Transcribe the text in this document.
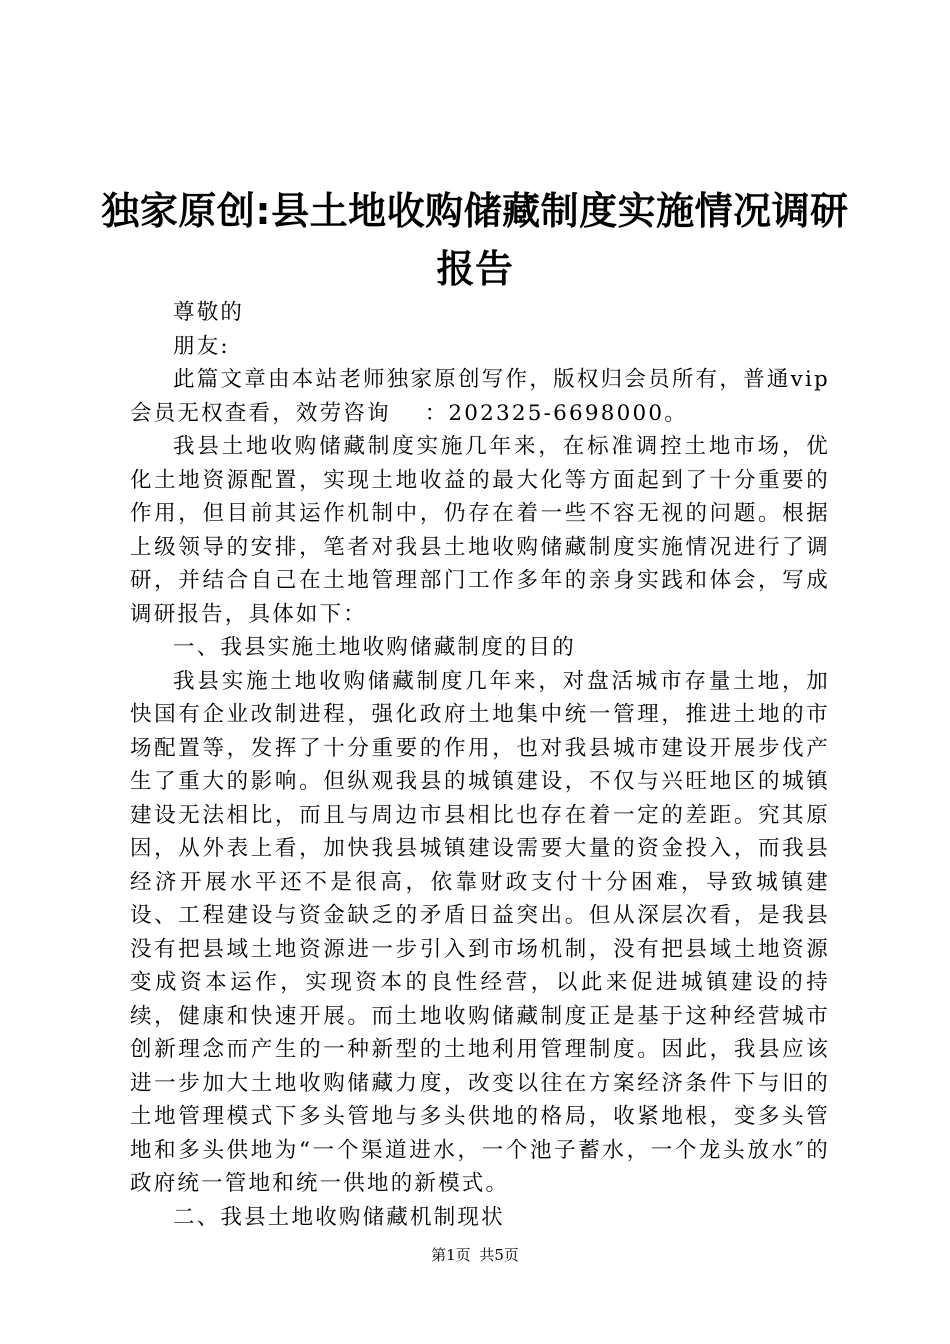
独家原创:县土地收购储藏制度实施情况调研
报告

尊敬的

朋友:

此篇文章由本站老师独家原创写作，版权归会员所有，普通vip会员无权查看，效劳咨询 ：202325-6698000。

我县土地收购储藏制度实施几年来，在标准调控土地市场，优化土地资源配置，实现土地收益的最大化等方面起到了十分重要的作用，但目前其运作机制中，仍存在着一些不容无视的问题。根据上级领导的安排，笔者对我县土地收购储藏制度实施情况进行了调研，并结合自己在土地管理部门工作多年的亲身实践和体会，写成调研报告，具体如下：

一、我县实施土地收购储藏制度的目的

我县实施土地收购储藏制度几年来，对盘活城市存量土地，加快国有企业改制进程，强化政府土地集中统一管理，推进土地的市场配置等，发挥了十分重要的作用，也对我县城市建设开展步伐产生了重大的影响。但纵观我县的城镇建设，不仅与兴旺地区的城镇建设无法相比，而且与周边市县相比也存在着一定的差距。究其原因，从外表上看，加快我县城镇建设需要大量的资金投入，而我县经济开展水平还不是很高，依靠财政支付十分困难，导致城镇建设、工程建设与资金缺乏的矛盾日益突出。但从深层次看，是我县没有把县域土地资源进一步引入到市场机制，没有把县域土地资源变成资本运作，实现资本的良性经营，以此来促进城镇建设的持续，健康和快速开展。而土地收购储藏制度正是基于这种经营城市创新理念而产生的一种新型的土地利用管理制度。因此，我县应该进一步加大土地收购储藏力度，改变以往在方案经济条件下与旧的土地管理模式下多头管地与多头供地的格局，收紧地根，变多头管地和多头供地为“一个渠道进水，一个池子蓄水，一个龙头放水″的政府统一管地和统一供地的新模式。

二、我县土地收购储藏机制现状

第1页 共5页
